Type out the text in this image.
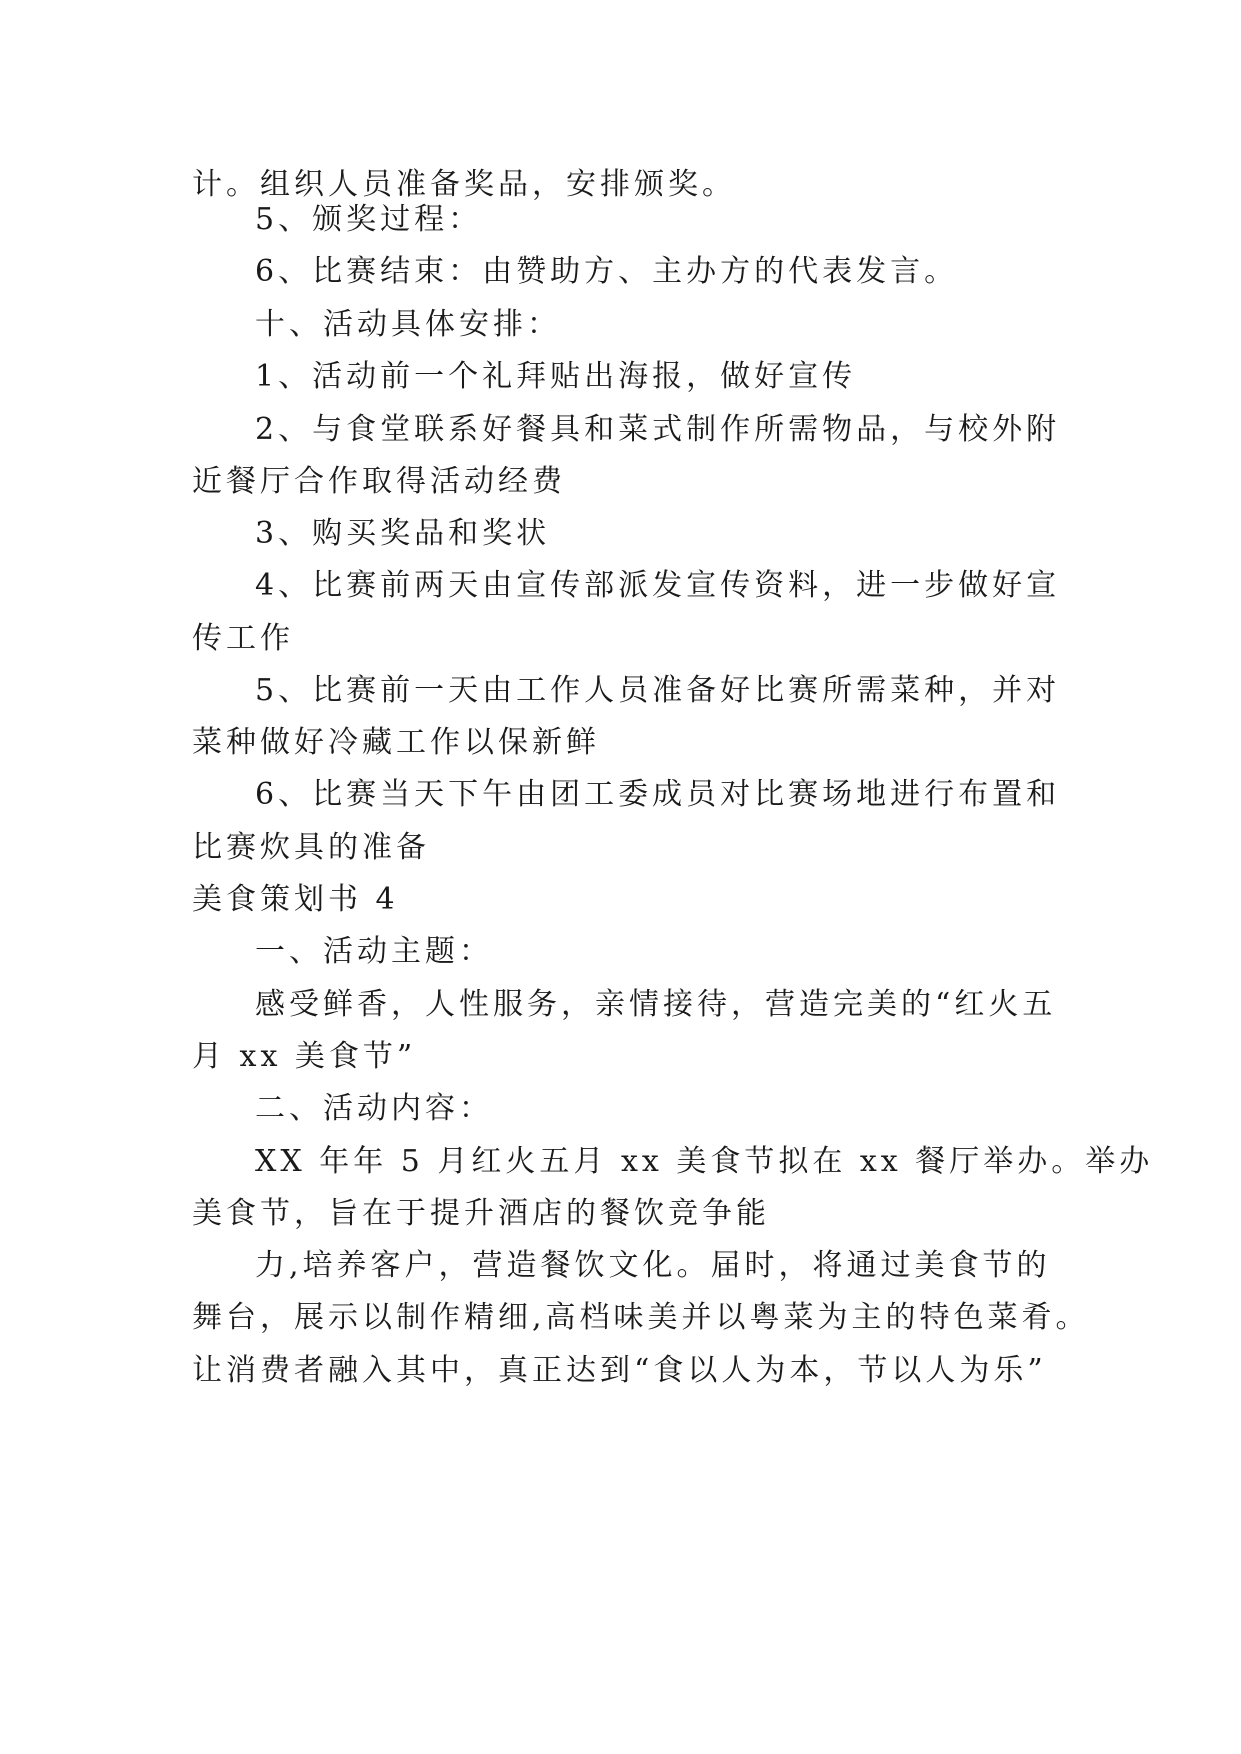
计。组织人员准备奖品，安排颁奖。
5、颁奖过程：
6、比赛结束：由赞助方、主办方的代表发言。
十、活动具体安排：
1、活动前一个礼拜贴出海报，做好宣传
2、与食堂联系好餐具和菜式制作所需物品，与校外附
近餐厅合作取得活动经费
3、购买奖品和奖状
4、比赛前两天由宣传部派发宣传资料，进一步做好宣
传工作
5、比赛前一天由工作人员准备好比赛所需菜种，并对
菜种做好冷藏工作以保新鲜
6、比赛当天下午由团工委成员对比赛场地进行布置和
比赛炊具的准备
美食策划书 4
一、活动主题：
感受鲜香，人性服务，亲情接待，营造完美的“红火五
月 xx 美食节”
二、活动内容：
XX 年年 5 月红火五月 xx 美食节拟在 xx 餐厅举办。举办
美食节，旨在于提升酒店的餐饮竞争能
力,培养客户，营造餐饮文化。届时，将通过美食节的
舞台，展示以制作精细,高档味美并以粤菜为主的特色菜肴。
让消费者融入其中，真正达到“食以人为本，节以人为乐”
